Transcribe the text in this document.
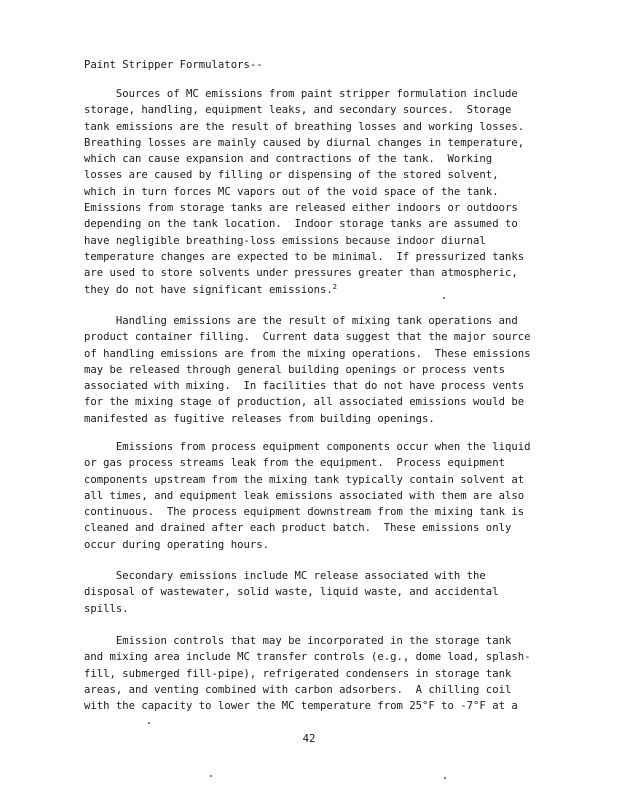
Paint Stripper Formulators--
Sources of MC emissions from paint stripper formulation include
storage, handling, equipment leaks, and secondary sources.  Storage
tank emissions are the result of breathing losses and working losses.
Breathing losses are mainly caused by diurnal changes in temperature,
which can cause expansion and contractions of the tank.  Working
losses are caused by filling or dispensing of the stored solvent,
which in turn forces MC vapors out of the void space of the tank.
Emissions from storage tanks are released either indoors or outdoors
depending on the tank location.  Indoor storage tanks are assumed to
have negligible breathing-loss emissions because indoor diurnal
temperature changes are expected to be minimal.  If pressurized tanks
are used to store solvents under pressures greater than atmospheric,
they do not have significant emissions.$^2$
Handling emissions are the result of mixing tank operations and
product container filling.  Current data suggest that the major source
of handling emissions are from the mixing operations.  These emissions
may be released through general building openings or process vents
associated with mixing.  In facilities that do not have process vents
for the mixing stage of production, all associated emissions would be
manifested as fugitive releases from building openings.
Emissions from process equipment components occur when the liquid
or gas process streams leak from the equipment.  Process equipment
components upstream from the mixing tank typically contain solvent at
all times, and equipment leak emissions associated with them are also
continuous.  The process equipment downstream from the mixing tank is
cleaned and drained after each product batch.  These emissions only
occur during operating hours.
Secondary emissions include MC release associated with the
disposal of wastewater, solid waste, liquid waste, and accidental
spills.
Emission controls that may be incorporated in the storage tank
and mixing area include MC transfer controls (e.g., dome load, splash-
fill, submerged fill-pipe), refrigerated condensers in storage tank
areas, and venting combined with carbon adsorbers.  A chilling coil
with the capacity to lower the MC temperature from 25°F to -7°F at a
42
